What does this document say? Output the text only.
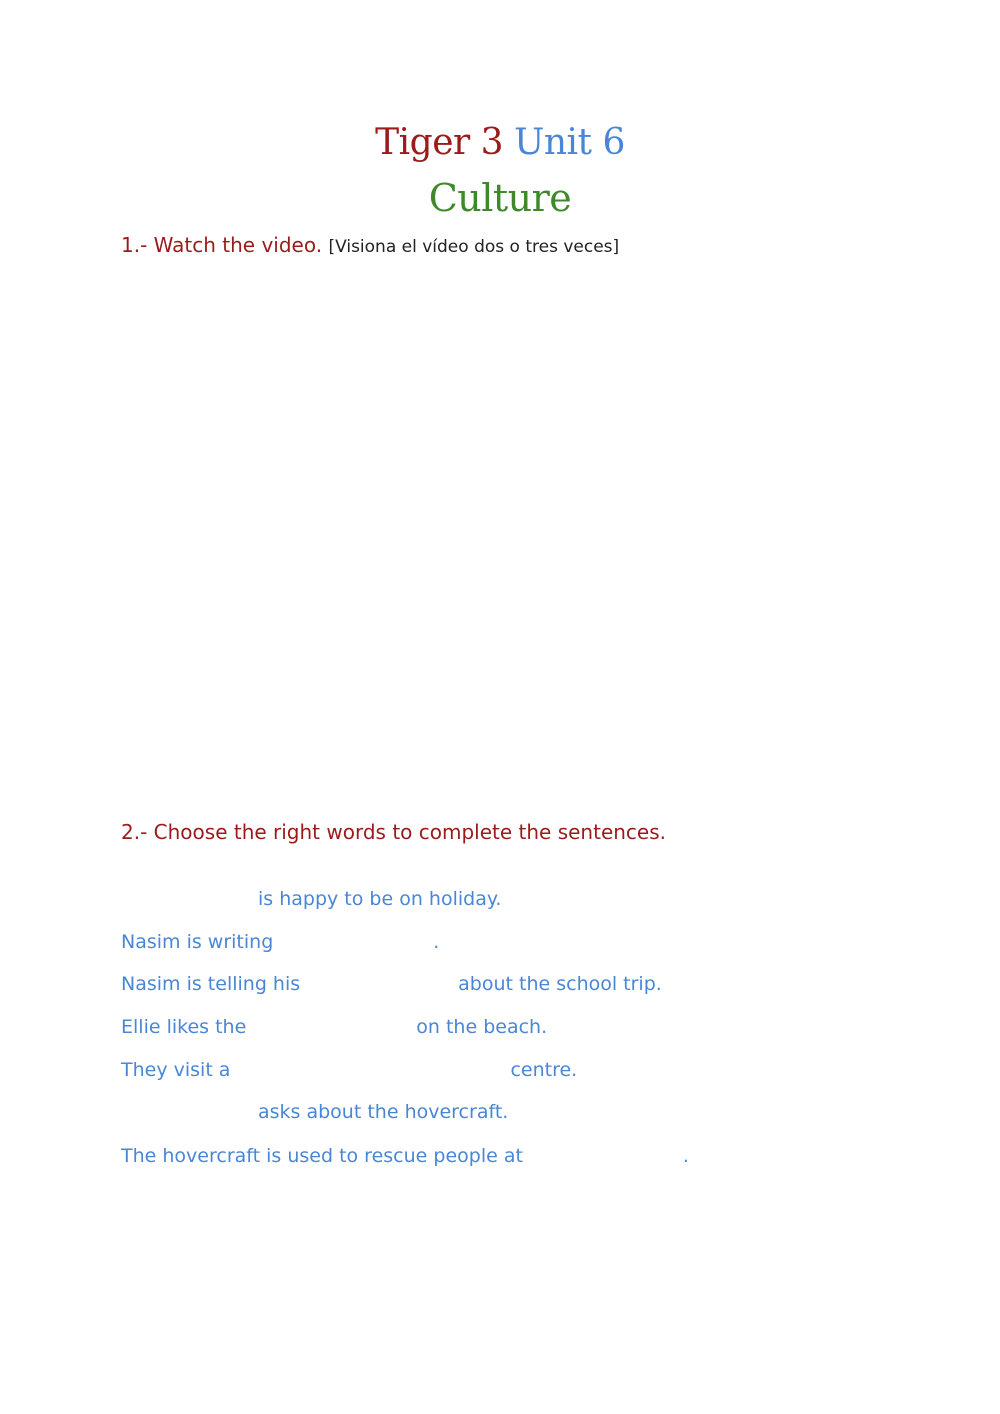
Tiger 3 Unit 6
Culture
1.- Watch the video. [Visiona el vídeo dos o tres veces]
2.- Choose the right words to complete the sentences.
is happy to be on holiday.
Nasim is writing	.
Nasim is telling his	about the school trip.
Ellie likes the	on the beach.
They visit a	centre.
asks about the hovercraft.
The hovercraft is used to rescue people at	.
